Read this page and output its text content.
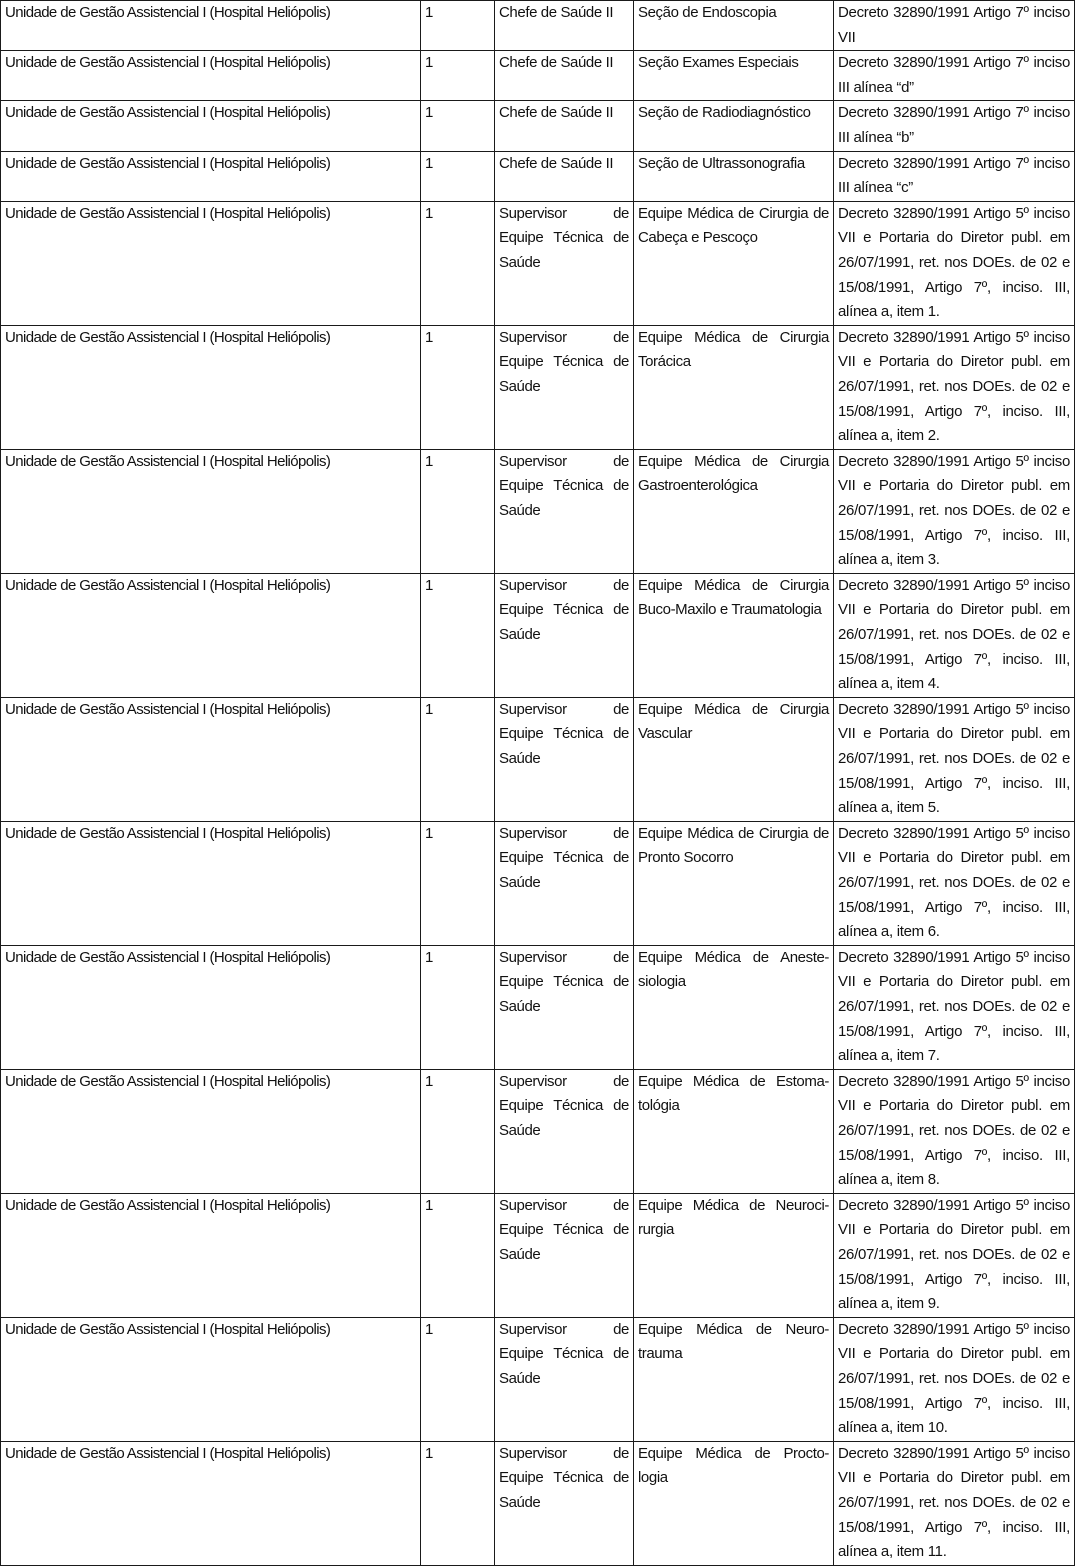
Unidade de Gestão Assistencial I (Hospital Heliópolis)	1	Chefe de Saúde II	Seção de Endoscopia	Decreto 32890/1991 Artigo 7º inciso VII
Unidade de Gestão Assistencial I (Hospital Heliópolis)	1	Chefe de Saúde II	Seção Exames Especiais	Decreto 32890/1991 Artigo 7º inciso III alínea “d”
Unidade de Gestão Assistencial I (Hospital Heliópolis)	1	Chefe de Saúde II	Seção de Radiodiagnóstico	Decreto 32890/1991 Artigo 7º inciso III alínea “b”
Unidade de Gestão Assistencial I (Hospital Heliópolis)	1	Chefe de Saúde II	Seção de Ultrassonografia	Decreto 32890/1991 Artigo 7º inciso III alínea “c”
Unidade de Gestão Assistencial I (Hospital Heliópolis)	1	Supervisor de Equipe Técnica de Saúde	Equipe Médica de Cirurgia de Cabeça e Pescoço	Decreto 32890/1991 Artigo 5º inciso VII e Portaria do Diretor publ. em 26/07/1991, ret. nos DOEs. de 02 e 15/08/1991, Artigo 7º, inciso. III, alínea a, item 1.
Unidade de Gestão Assistencial I (Hospital Heliópolis)	1	Supervisor de Equipe Técnica de Saúde	Equipe Médica de Cirurgia Torácica	Decreto 32890/1991 Artigo 5º inciso VII e Portaria do Diretor publ. em 26/07/1991, ret. nos DOEs. de 02 e 15/08/1991, Artigo 7º, inciso. III, alínea a, item 2.
Unidade de Gestão Assistencial I (Hospital Heliópolis)	1	Supervisor de Equipe Técnica de Saúde	Equipe Médica de Cirurgia Gastroenterológica	Decreto 32890/1991 Artigo 5º inciso VII e Portaria do Diretor publ. em 26/07/1991, ret. nos DOEs. de 02 e 15/08/1991, Artigo 7º, inciso. III, alínea a, item 3.
Unidade de Gestão Assistencial I (Hospital Heliópolis)	1	Supervisor de Equipe Técnica de Saúde	Equipe Médica de Cirurgia Buco-Maxilo e Traumatologia	Decreto 32890/1991 Artigo 5º inciso VII e Portaria do Diretor publ. em 26/07/1991, ret. nos DOEs. de 02 e 15/08/1991, Artigo 7º, inciso. III, alínea a, item 4.
Unidade de Gestão Assistencial I (Hospital Heliópolis)	1	Supervisor de Equipe Técnica de Saúde	Equipe Médica de Cirurgia Vascular	Decreto 32890/1991 Artigo 5º inciso VII e Portaria do Diretor publ. em 26/07/1991, ret. nos DOEs. de 02 e 15/08/1991, Artigo 7º, inciso. III, alínea a, item 5.
Unidade de Gestão Assistencial I (Hospital Heliópolis)	1	Supervisor de Equipe Técnica de Saúde	Equipe Médica de Cirurgia de Pronto Socorro	Decreto 32890/1991 Artigo 5º inciso VII e Portaria do Diretor publ. em 26/07/1991, ret. nos DOEs. de 02 e 15/08/1991, Artigo 7º, inciso. III, alínea a, item 6.
Unidade de Gestão Assistencial I (Hospital Heliópolis)	1	Supervisor de Equipe Técnica de Saúde	Equipe Médica de Aneste-siologia	Decreto 32890/1991 Artigo 5º inciso VII e Portaria do Diretor publ. em 26/07/1991, ret. nos DOEs. de 02 e 15/08/1991, Artigo 7º, inciso. III, alínea a, item 7.
Unidade de Gestão Assistencial I (Hospital Heliópolis)	1	Supervisor de Equipe Técnica de Saúde	Equipe Médica de Estoma-tológia	Decreto 32890/1991 Artigo 5º inciso VII e Portaria do Diretor publ. em 26/07/1991, ret. nos DOEs. de 02 e 15/08/1991, Artigo 7º, inciso. III, alínea a, item 8.
Unidade de Gestão Assistencial I (Hospital Heliópolis)	1	Supervisor de Equipe Técnica de Saúde	Equipe Médica de Neuroci-rurgia	Decreto 32890/1991 Artigo 5º inciso VII e Portaria do Diretor publ. em 26/07/1991, ret. nos DOEs. de 02 e 15/08/1991, Artigo 7º, inciso. III, alínea a, item 9.
Unidade de Gestão Assistencial I (Hospital Heliópolis)	1	Supervisor de Equipe Técnica de Saúde	Equipe Médica de Neuro-trauma	Decreto 32890/1991 Artigo 5º inciso VII e Portaria do Diretor publ. em 26/07/1991, ret. nos DOEs. de 02 e 15/08/1991, Artigo 7º, inciso. III, alínea a, item 10.
Unidade de Gestão Assistencial I (Hospital Heliópolis)	1	Supervisor de Equipe Técnica de Saúde	Equipe Médica de Procto-logia	Decreto 32890/1991 Artigo 5º inciso VII e Portaria do Diretor publ. em 26/07/1991, ret. nos DOEs. de 02 e 15/08/1991, Artigo 7º, inciso. III, alínea a, item 11.
